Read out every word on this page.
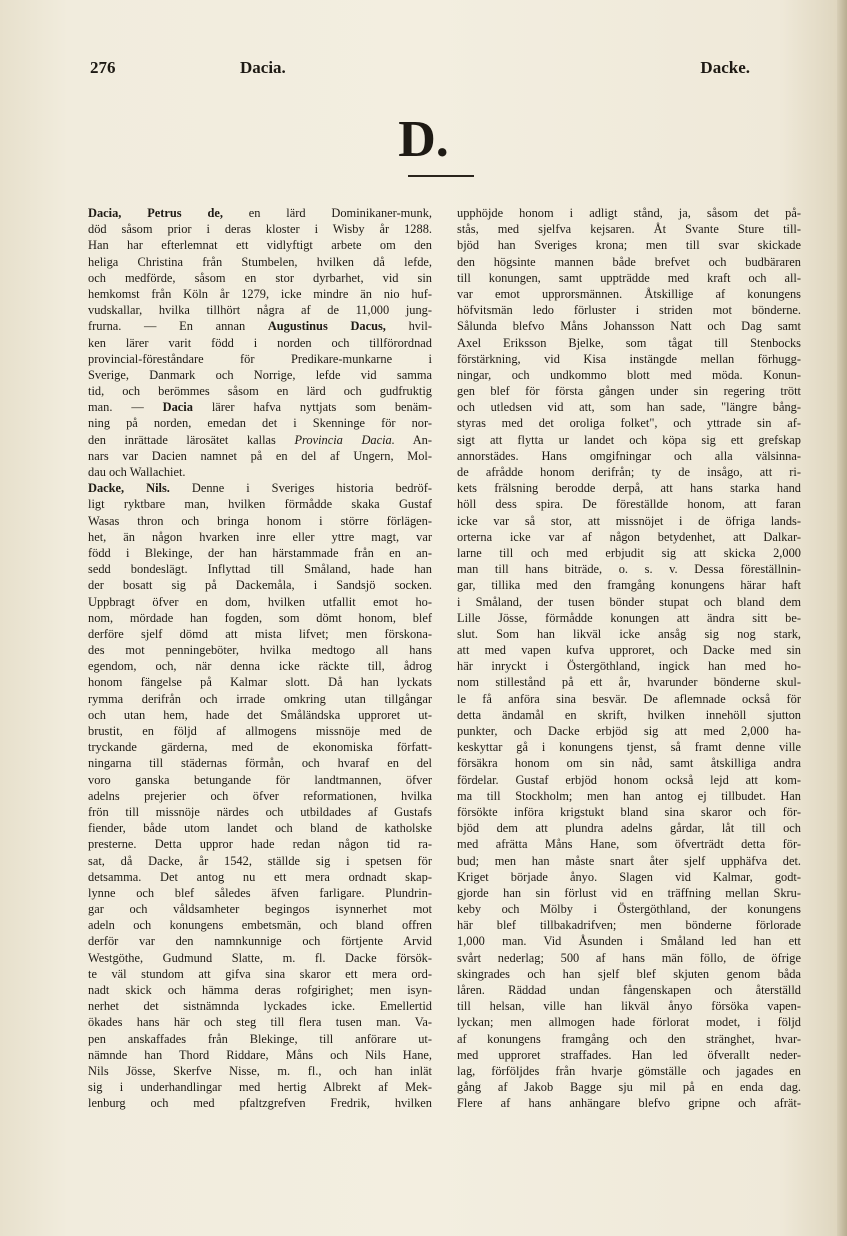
276	Dacia.	Dacke.
D.
Dacia, Petrus de, en lärd Dominikaner-munk,
död såsom prior i deras kloster i Wisby år 1288.
Han har efterlemnat ett vidlyftigt arbete om den
heliga Christina från Stumbelen, hvilken då lefde,
och medförde, såsom en stor dyrbarhet, vid sin
hemkomst från Köln år 1279, icke mindre än nio huf-
vudskallar, hvilka tillhört några af de 11,000 jung-
frurna. — En annan Augustinus Dacus, hvil-
ken lärer varit född i norden och tillförordnad
provincial-föreståndare för Predikare-munkarne i
Sverige, Danmark och Norrige, lefde vid samma
tid, och berömmes såsom en lärd och gudfruktig
man. — Dacia lärer hafva nyttjats som benäm-
ning på norden, emedan det i Skenninge för nor-
den inrättade lärosätet kallas Provincia Dacia. An-
nars var Dacien namnet på en del af Ungern, Mol-
dau och Wallachiet.
Dacke, Nils. Denne i Sveriges historia bedröf-
ligt ryktbare man, hvilken förmådde skaka Gustaf
Wasas thron och bringa honom i större förlägen-
het, än någon hvarken inre eller yttre magt, var
född i Blekinge, der han härstammade från en an-
sedd bondeslägt. Inflyttad till Småland, hade han
der bosatt sig på Dackemåla, i Sandsjö socken.
Uppbragt öfver en dom, hvilken utfallit emot ho-
nom, mördade han fogden, som dömt honom, blef
derföre sjelf dömd att mista lifvet; men förskona-
des mot penningeböter, hvilka medtogo all hans
egendom, och, när denna icke räckte till, ådrog
honom fängelse på Kalmar slott. Då han lyckats
rymma derifrån och irrade omkring utan tillgångar
och utan hem, hade det Småländska upproret ut-
brustit, en följd af allmogens missnöje med de
tryckande gärderna, med de ekonomiska författ-
ningarna till städernas förmån, och hvaraf en del
voro ganska betungande för landtmannen, öfver
adelns prejerier och öfver reformationen, hvilka
frön till missnöje närdes och utbildades af Gustafs
fiender, både utom landet och bland de katholske
presterne. Detta uppror hade redan någon tid ra-
sat, då Dacke, år 1542, ställde sig i spetsen för
detsamma. Det antog nu ett mera ordnadt skap-
lynne och blef således äfven farligare. Plundrin-
gar och våldsamheter begingos isynnerhet mot
adeln och konungens embetsmän, och bland offren
derför var den namnkunnige och förtjente Arvid
Westgöthe, Gudmund Slatte, m. fl. Dacke försök-
te väl stundom att gifva sina skaror ett mera ord-
nadt skick och hämma deras rofgirighet; men isyn-
nerhet det sistnämnda lyckades icke. Emellertid
ökades hans här och steg till flera tusen man. Va-
pen anskaffades från Blekinge, till anförare ut-
nämnde han Thord Riddare, Måns och Nils Hane,
Nils Jösse, Skerfve Nisse, m. fl., och han inlät
sig i underhandlingar med hertig Albrekt af Mek-
lenburg och med pfaltzgrefven Fredrik, hvilken
upphöjde honom i adligt stånd, ja, såsom det på-
stås, med sjelfva kejsaren. Åt Svante Sture till-
bjöd han Sveriges krona; men till svar skickade
den högsinte mannen både brefvet och budbäraren
till konungen, samt uppträdde med kraft och all-
var emot upprorsmännen. Åtskillige af konungens
höfvitsmän ledo förluster i striden mot bönderne.
Sålunda blefvo Måns Johansson Natt och Dag samt
Axel Eriksson Bjelke, som tågat till Stenbocks
förstärkning, vid Kisa instängde mellan förhugg-
ningar, och undkommo blott med möda. Konun-
gen blef för första gången under sin regering trött
och utledsen vid att, som han sade, "längre bång-
styras med det oroliga folket", och yttrade sin af-
sigt att flytta ur landet och köpa sig ett grefskap
annorstädes. Hans omgifningar och alla välsinna-
de afrådde honom derifrån; ty de insågo, att ri-
kets frälsning berodde derpå, att hans starka hand
höll dess spira. De föreställde honom, att faran
icke var så stor, att missnöjet i de öfriga lands-
orterna icke var af någon betydenhet, att Dalkar-
larne till och med erbjudit sig att skicka 2,000
man till hans biträde, o. s. v. Dessa föreställnin-
gar, tillika med den framgång konungens härar haft
i Småland, der tusen bönder stupat och bland dem
Lille Jösse, förmådde konungen att ändra sitt be-
slut. Som han likväl icke ansåg sig nog stark,
att med vapen kufva upproret, och Dacke med sin
här inryckt i Östergöthland, ingick han med ho-
nom stillestånd på ett år, hvarunder bönderne skul-
le få anföra sina besvär. De aflemnade också för
detta ändamål en skrift, hvilken innehöll sjutton
punkter, och Dacke erbjöd sig att med 2,000 ha-
keskyttar gå i konungens tjenst, så framt denne ville
försäkra honom om sin nåd, samt åtskilliga andra
fördelar. Gustaf erbjöd honom också lejd att kom-
ma till Stockholm; men han antog ej tillbudet. Han
försökte införa krigstukt bland sina skaror och för-
bjöd dem att plundra adelns gårdar, låt till och
med afrätta Måns Hane, som öfverträdt detta för-
bud; men han måste snart åter sjelf upphäfva det.
Kriget började ånyo. Slagen vid Kalmar, godt-
gjorde han sin förlust vid en träffning mellan Skru-
keby och Mölby i Östergöthland, der konungens
här blef tillbakadrifven; men bönderne förlorade
1,000 man. Vid Åsunden i Småland led han ett
svårt nederlag; 500 af hans män föllo, de öfrige
skingrades och han sjelf blef skjuten genom båda
låren. Räddad undan fångenskapen och återställd
till helsan, ville han likväl ånyo försöka vapen-
lyckan; men allmogen hade förlorat modet, i följd
af konungens framgång och den stränghet, hvar-
med upproret straffades. Han led öfverallt neder-
lag, förföljdes från hvarje gömställe och jagades en
gång af Jakob Bagge sju mil på en enda dag.
Flere af hans anhängare blefvo gripne och afrät-
